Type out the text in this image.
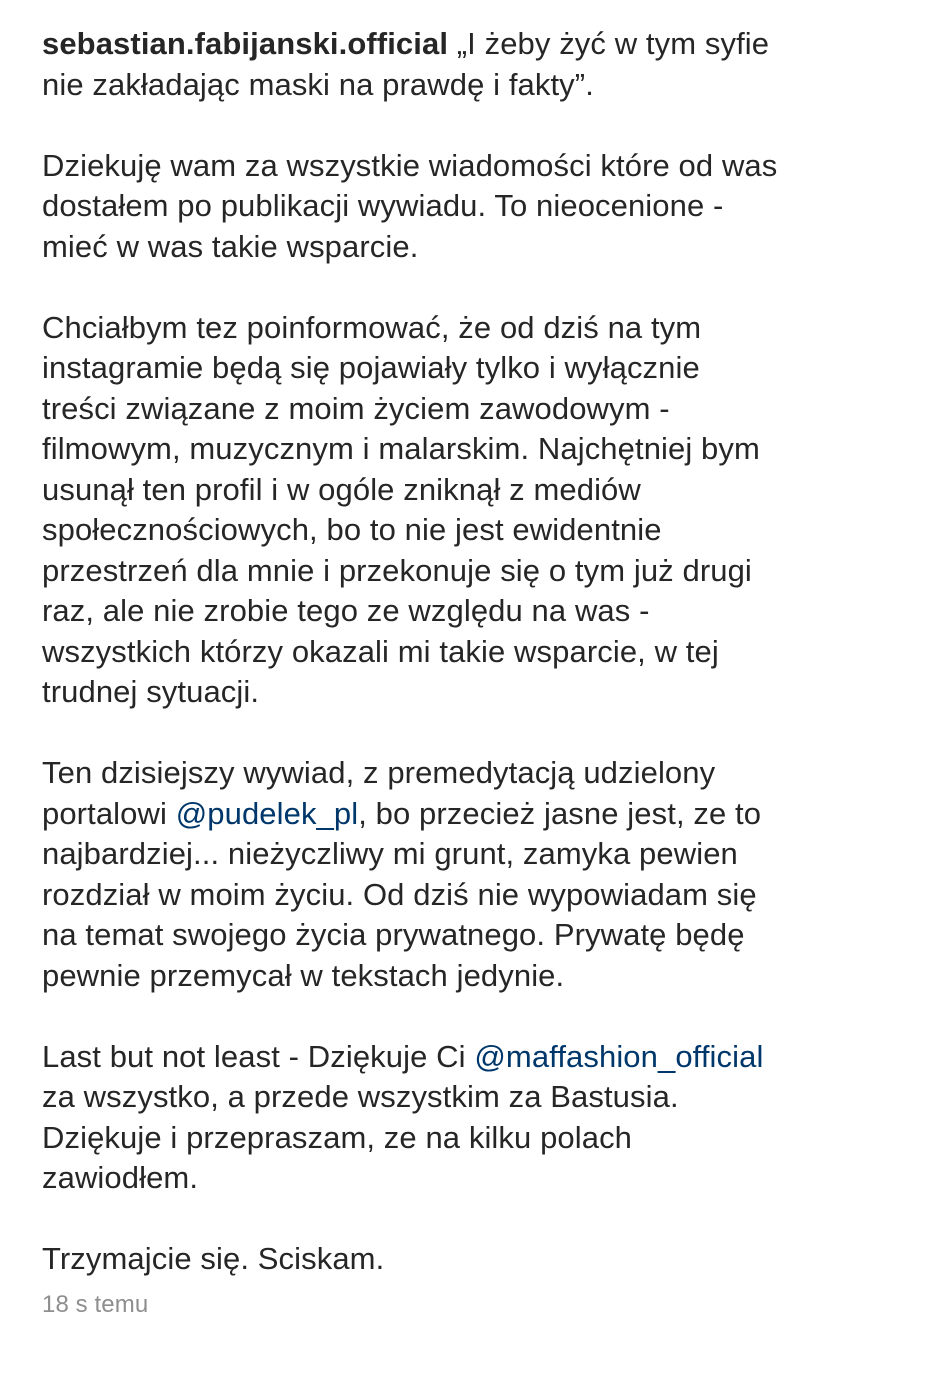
sebastian.fabijanski.official „I żeby żyć w tym syfie
nie zakładając maski na prawdę i fakty”.
Dziekuję wam za wszystkie wiadomości które od was
dostałem po publikacji wywiadu. To nieocenione -
mieć w was takie wsparcie.
Chciałbym tez poinformować, że od dziś na tym
instagramie będą się pojawiały tylko i wyłącznie
treści związane z moim życiem zawodowym -
filmowym, muzycznym i malarskim. Najchętniej bym
usunął ten profil i w ogóle zniknął z mediów
społecznościowych, bo to nie jest ewidentnie
przestrzeń dla mnie i przekonuje się o tym już drugi
raz, ale nie zrobie tego ze względu na was -
wszystkich którzy okazali mi takie wsparcie, w tej
trudnej sytuacji.
Ten dzisiejszy wywiad, z premedytacją udzielony
portalowi @pudelek_pl, bo przecież jasne jest, ze to
najbardziej... nieżyczliwy mi grunt, zamyka pewien
rozdział w moim życiu. Od dziś nie wypowiadam się
na temat swojego życia prywatnego. Prywatę będę
pewnie przemycał w tekstach jedynie.
Last but not least - Dziękuje Ci @maffashion_official
za wszystko, a przede wszystkim za Bastusia.
Dziękuje i przepraszam, ze na kilku polach
zawiodłem.
Trzymajcie się. Sciskam.
18 s temu
